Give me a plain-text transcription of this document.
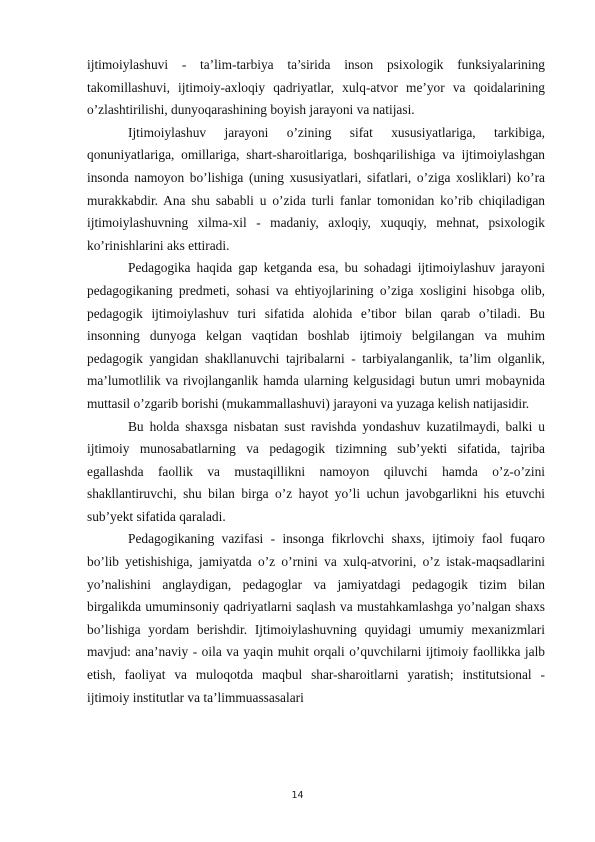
ijtimoiylashuvi - ta’lim-tarbiya ta’sirida inson psixologik funksiyalarining takomillashuvi, ijtimoiy-axloqiy qadriyatlar, xulq-atvor me’yor va qoidalarining o’zlashtirilishi, dunyoqarashining boyish jarayoni va natijasi.

Ijtimoiylashuv jarayoni o’zining sifat xususiyatlariga, tarkibiga, qonuniyatlariga, omillariga, shart-sharoitlariga, boshqarilishiga va ijtimoiylashgan insonda namoyon bo’lishiga (uning xususiyatlari, sifatlari, o’ziga xosliklari) ko’ra murakkabdir. Ana shu sababli u o’zida turli fanlar tomonidan ko’rib chiqiladigan ijtimoiylashuvning xilma-xil - madaniy, axloqiy, xuquqiy, mehnat, psixologik ko’rinishlarini aks ettiradi.

Pedagogika haqida gap ketganda esa, bu sohadagi ijtimoiylashuv jarayoni pedagogikaning predmeti, sohasi va ehtiyojlarining o’ziga xosligini hisobga olib, pedagogik ijtimoiylashuv turi sifatida alohida e’tibor bilan qarab o’tiladi. Bu insonning dunyoga kelgan vaqtidan boshlab ijtimoiy belgilangan va muhim pedagogik yangidan shakllanuvchi tajribalarni - tarbiyalanganlik, ta’lim olganlik, ma’lumotlilik va rivojlanganlik hamda ularning kelgusidagi butun umri mobaynida muttasil o’zgarib borishi (mukammallashuvi) jarayoni va yuzaga kelish natijasidir.

Bu holda shaxsga nisbatan sust ravishda yondashuv kuzatilmaydi, balki u ijtimoiy munosabatlarning va pedagogik tizimning sub’yekti sifatida, tajriba egallashda faollik va mustaqillikni namoyon qiluvchi hamda o’z-o’zini shakllantiruvchi, shu bilan birga o’z hayot yo’li uchun javobgarlikni his etuvchi sub’yekt sifatida qaraladi.

Pedagogikaning vazifasi - insonga fikrlovchi shaxs, ijtimoiy faol fuqaro bo’lib yetishishiga, jamiyatda o’z o’rnini va xulq-atvorini, o’z istak-maqsadlarini yo’nalishini anglaydigan, pedagoglar va jamiyatdagi pedagogik tizim bilan birgalikda umuminsoniy qadriyatlarni saqlash va mustahkamlashga yo’nalgan shaxs bo’lishiga yordam berishdir. Ijtimoiylashuvning quyidagi umumiy mexanizmlari mavjud: ana’naviy - oila va yaqin muhit orqali o’quvchilarni ijtimoiy faollikka jalb etish, faoliyat va muloqotda maqbul shar-sharoitlarni yaratish; institutsional - ijtimoiy institutlar va ta’limmuassasalari

14
